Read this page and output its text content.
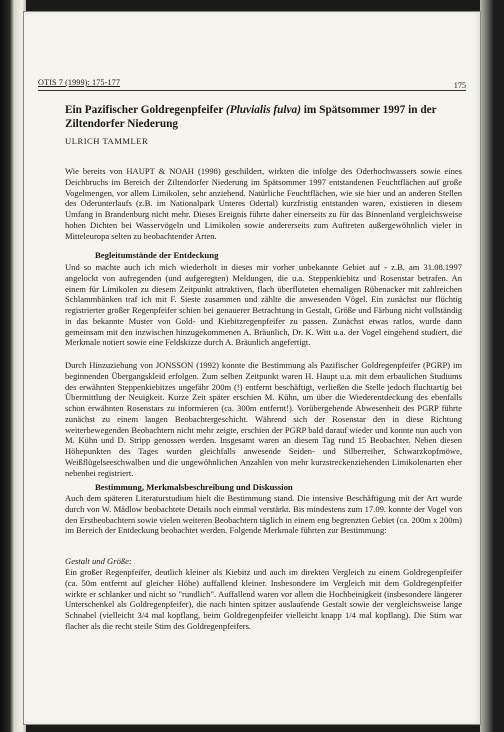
OTIS 7 (1999): 175-177	175
Ein Pazifischer Goldregenpfeifer (Pluvialis fulva) im Spätsommer 1997 in der Ziltendorfer Niederung
ULRICH TAMMLER

Wie bereits von HAUPT & NOAH (1998) geschildert, wirkten die infolge des Oderhochwassers sowie eines Deichbruchs im Bereich der Ziltendorfer Niederung im Spätsommer 1997 entstandenen Feuchtflächen auf große Vogelmengen, vor allem Limikolen, sehr anziehend. Natürliche Feuchtflächen, wie sie hier und an anderen Stellen des Oderunterlaufs (z.B. im Nationalpark Unteres Odertal) kurzfristig entstanden waren, existieren in diesem Umfang in Brandenburg nicht mehr. Dieses Ereignis führte daher einerseits zu für das Binnenland vergleichsweise hohen Dichten bei Wasservögeln und Limikolen sowie andererseits zum Auftreten außergewöhnlich vieler in Mitteleuropa selten zu beobachtender Arten.

Begleitumstände der Entdeckung

Und so machte auch ich mich wiederholt in dieses mir vorher unbekannte Gebiet auf - z.B. am 31.08.1997 angelockt von aufregenden (und aufgeregten) Meldungen, die u.a. Steppenkiebitz und Rosenstar betrafen. An einem für Limikolen zu diesem Zeitpunkt attraktiven, flach überfluteten ehemaligen Rübenacker mit zahlreichen Schlammbänken traf ich mit F. Sieste zusammen und zählte die anwesenden Vögel. Ein zunächst nur flüchtig registrierter großer Regenpfeifer schien bei genauerer Betrachtung in Gestalt, Größe und Färbung nicht vollständig in das bekannte Muster von Gold- und Kiebitzregenpfeifer zu passen. Zunächst etwas ratlos, wurde dann gemeinsam mit den inzwischen hinzugekommenen A. Bräunlich, Dr. K. Witt u.a. der Vogel eingehend studiert, die Merkmale notiert sowie eine Feldskizze durch A. Bräunlich angefertigt.

Durch Hinzuziehung von JONSSON (1992) konnte die Bestimmung als Pazifischer Goldregenpfeifer (PGRP) im beginnenden Übergangskleid erfolgen. Zum selben Zeitpunkt waren H. Haupt u.a. mit dem erbaulichen Studiums des erwähnten Steppenkiebitzes ungefähr 200m (!) entfernt beschäftigt, verließen die Stelle jedoch fluchtartig bei Übermittlung der Neuigkeit. Kurze Zeit später erschien M. Kühn, um über die Wiederentdeckung des ebenfalls schon erwähnten Rosenstars zu informieren (ca. 300m entfernt!). Vorübergehende Abwesenheit des PGRP führte zunächst zu einem langen Beobachtergeschicht. Während sich der Rosenstar den in diese Richtung weiterbewegenden Beobachtern nicht mehr zeigte, erschien der PGRP bald darauf wieder und konnte nun auch von M. Kühn und D. Stripp genossen werden. Insgesamt waren an diesem Tag rund 15 Beobachter. Neben diesen Höhepunkten des Tages wurden gleichfalls anwesende Seiden- und Silberreiher, Schwarzkopfmöwe, Weißflügelseeschwalben und die ungewöhnlichen Anzahlen von mehr kurzstreckenziehenden Limikolenarten eher nebenbei registriert.

Bestimmung, Merkmalsbeschreibung und Diskussion

Auch dem späteren Literaturstudium hielt die Bestimmung stand. Die intensive Beschäftigung mit der Art wurde durch von W. Mädlow beobachtete Details noch einmal verstärkt. Bis mindestens zum 17.09. konnte der Vogel von den Erstbeobachtern sowie vielen weiteren Beobachtern täglich in einem eng begrenzten Gebiet (ca. 200m x 200m) im Bereich der Entdeckung beobachtet werden. Folgende Merkmale führten zur Bestimmung:

Gestalt und Größe:

Ein großer Regenpfeifer, deutlich kleiner als Kiebitz und auch im direkten Vergleich zu einem Goldregenpfeifer (ca. 50m entfernt auf gleicher Höhe) auffallend kleiner. Insbesondere im Vergleich mit dem Goldregenpfeifer wirkte er schlanker und nicht so "rundlich". Auffallend waren vor allem die Hochbeinigkeit (insbesondere längerer Unterschenkel als Goldregenpfeifer), die nach hinten spitzer auslaufende Gestalt sowie der vergleichsweise lange Schnabel (vielleicht 3/4 mal kopflang, beim Goldregenpfeifer vielleicht knapp 1/4 mal kopflang). Die Stirn war flacher als die recht steile Stirn des Goldregenpfeifers.
